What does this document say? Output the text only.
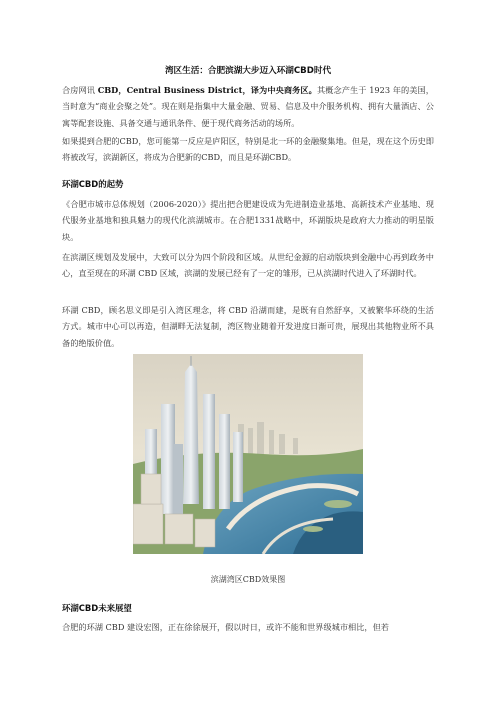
湾区生活：合肥滨湖大步迈入环湖CBD时代

合房网讯 CBD，Central Business District，译为中央商务区。其概念产生于 1923 年的美国，当时意为“商业会聚之处”。现在则是指集中大量金融、贸易、信息及中介服务机构、拥有大量酒店、公寓等配套设施、具备交通与通讯条件、便于现代商务活动的场所。

如果提到合肥的CBD，您可能第一反应是庐阳区，特别是北一环的金融聚集地。但是，现在这个历史即将被改写，滨湖新区，将成为合肥新的CBD，而且是环湖CBD。

环湖CBD的起势

《合肥市城市总体规划（2006-2020）》提出把合肥建设成为先进制造业基地、高新技术产业基地、现代服务业基地和独具魅力的现代化滨湖城市。在合肥1331战略中，环湖版块是政府大力推动的明星版块。

在滨湖区规划及发展中，大致可以分为四个阶段和区域。从世纪金源的启动版块到金融中心再到政务中心，直至现在的环湖 CBD 区域，滨湖的发展已经有了一定的雏形，已从滨湖时代进入了环湖时代。

环湖 CBD，顾名思义即是引入湾区理念，将 CBD 沿湖而建，是既有自然舒享，又被繁华环绕的生活方式。城市中心可以再造，但湖畔无法复制，湾区物业随着开发进度日渐可贵，展现出其他物业所不具备的绝版价值。

滨湖湾区CBD效果图
环湖CBD未来展望

合肥的环湖 CBD 建设宏图，正在徐徐展开，假以时日，或许不能和世界级城市相比，但若
